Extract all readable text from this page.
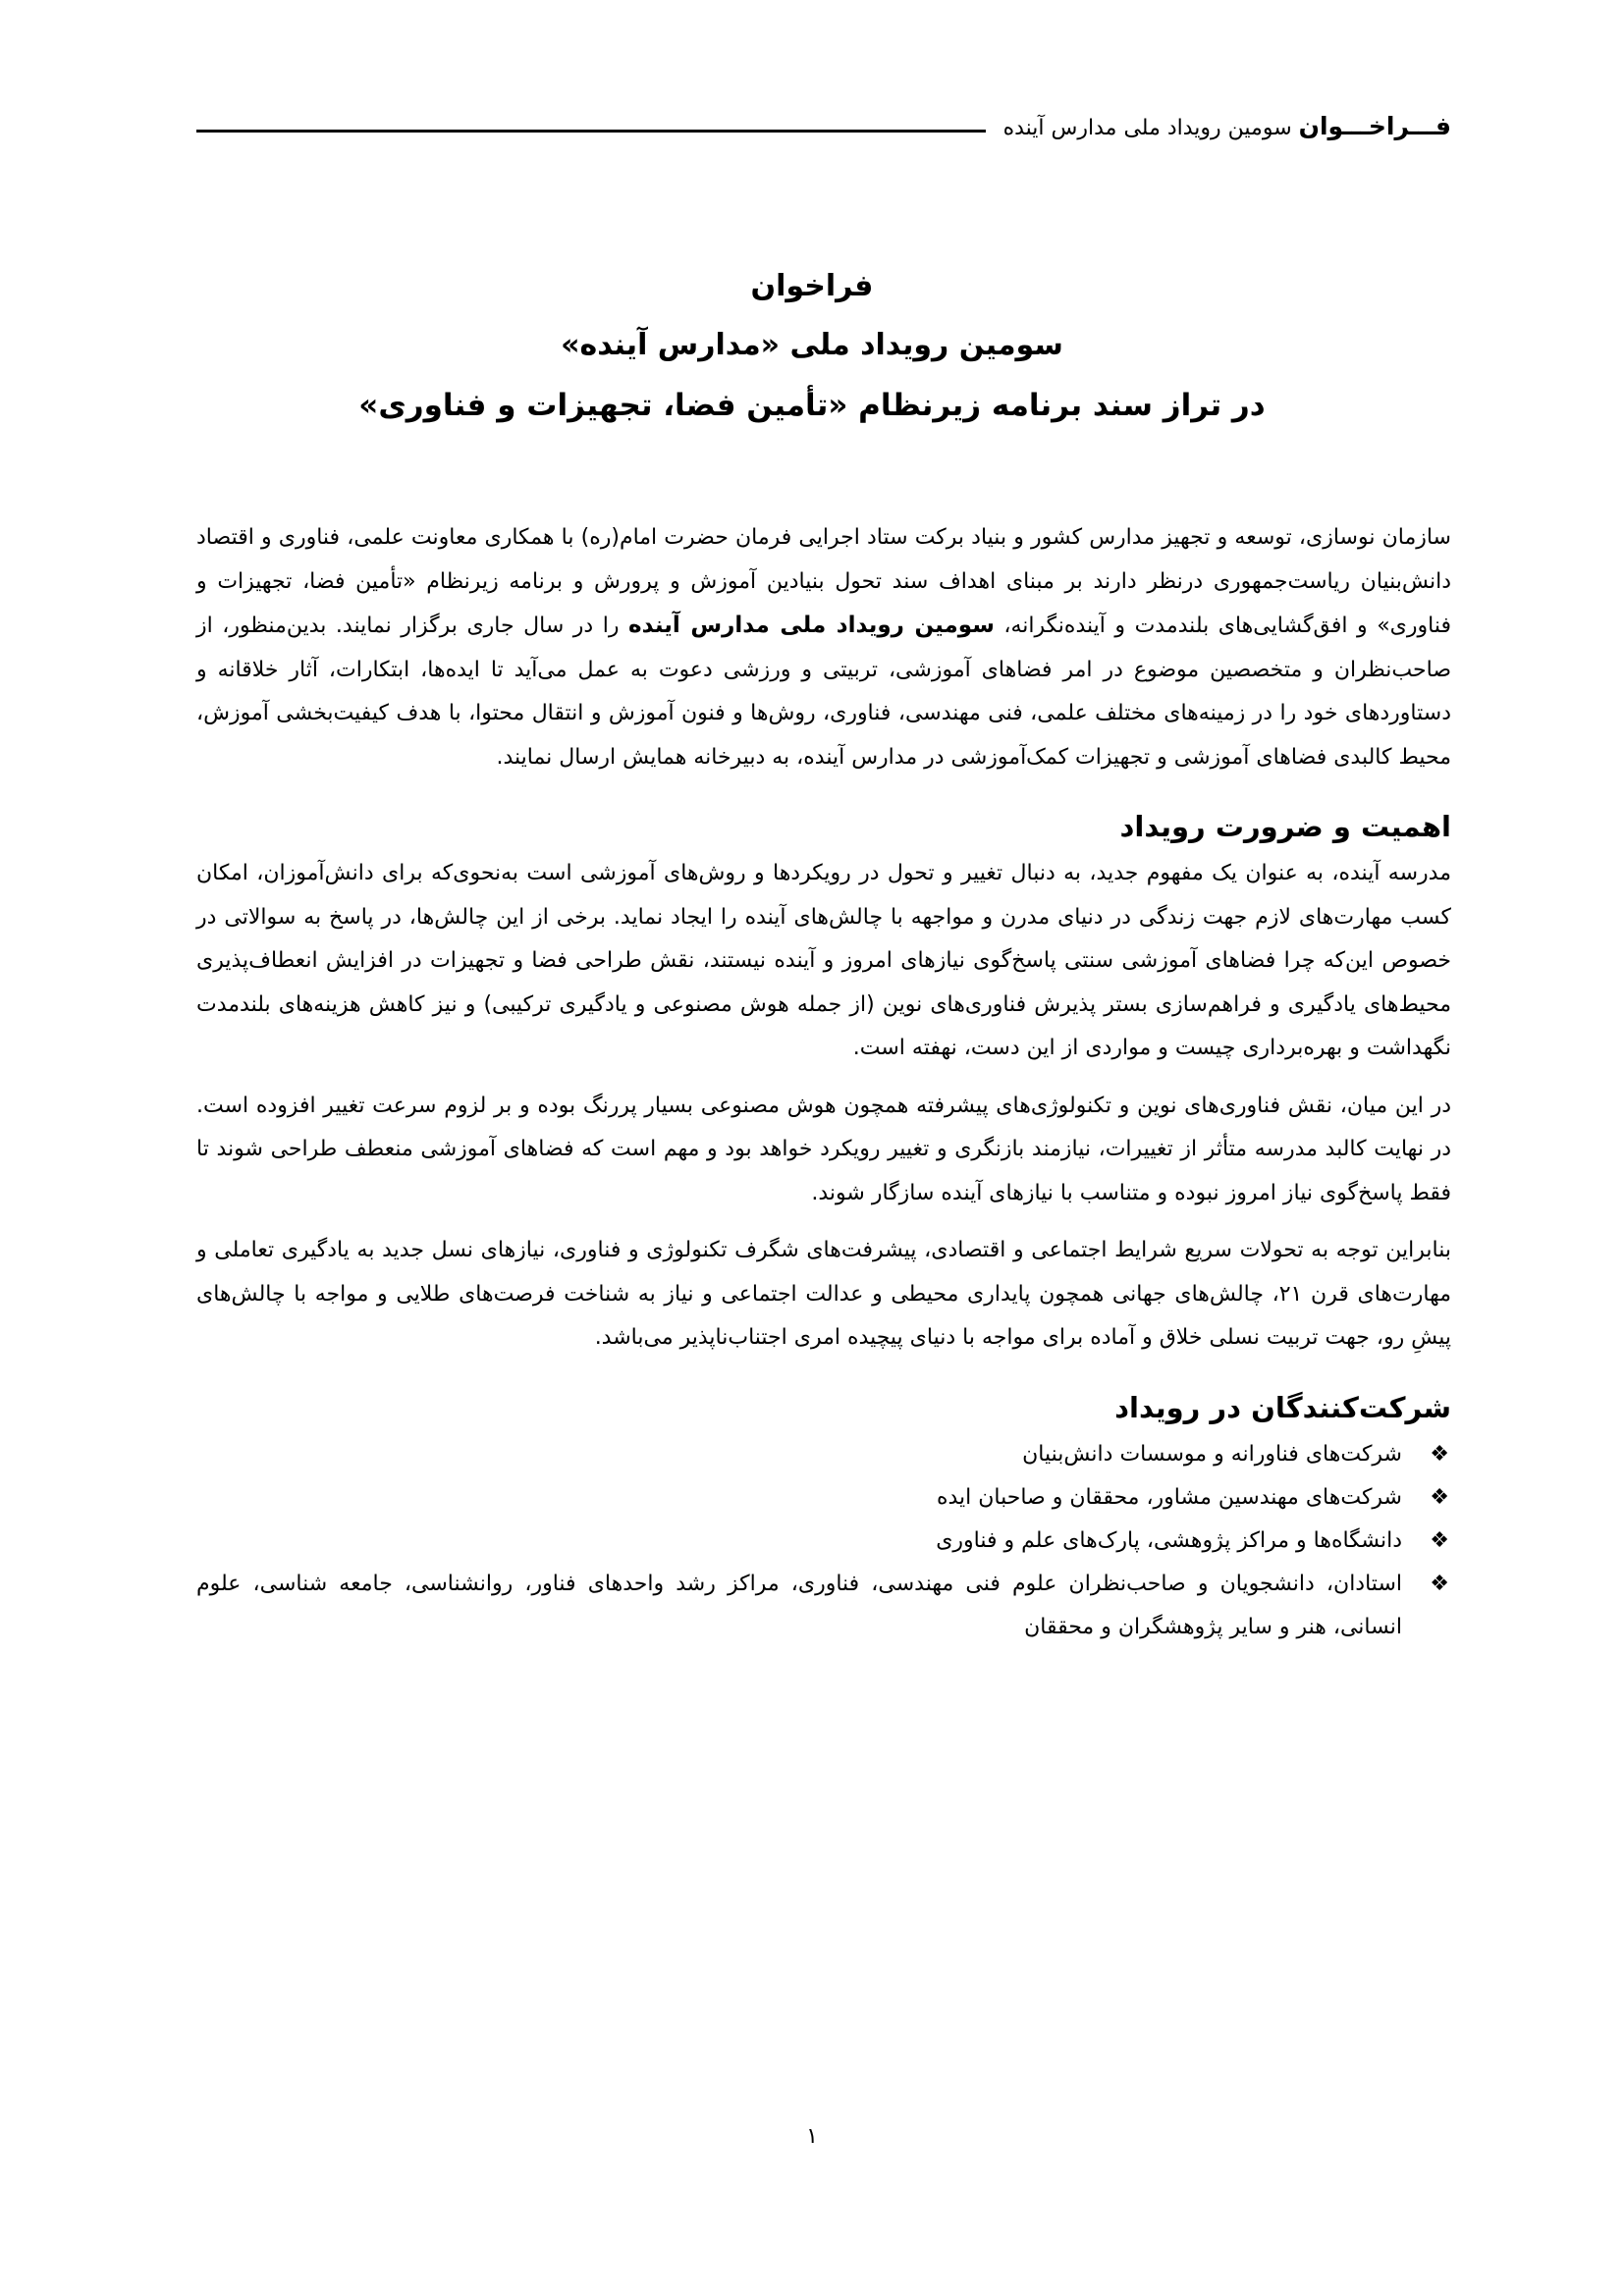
فـــراخـــوان سومین رویداد ملی مدارس آینده
فراخوان
سومین رویداد ملی «مدارس آینده»
در تراز سند برنامه زیرنظام «تأمین فضا، تجهیزات و فناوری»

سازمان نوسازی، توسعه و تجهیز مدارس کشور و بنیاد برکت ستاد اجرایی فرمان حضرت امام(ره) با همکاری معاونت علمی، فناوری و اقتصاد دانش‌بنیان ریاست‌جمهوری درنظر دارند بر مبنای اهداف سند تحول بنیادین آموزش و پرورش و برنامه زیرنظام «تأمین فضا، تجهیزات و فناوری» و افق‌گشایی‌های بلندمدت و آینده‌نگرانه، سومین رویداد ملی مدارس آینده را در سال جاری برگزار نمایند. بدین‌منظور، از صاحب‌نظران و متخصصین موضوع در امر فضاهای آموزشی، تربیتی و ورزشی دعوت به عمل می‌آید تا ایده‌ها، ابتکارات، آثار خلاقانه و دستاوردهای خود را در زمینه‌های مختلف علمی، فنی مهندسی، فناوری، روش‌ها و فنون آموزش و انتقال محتوا، با هدف کیفیت‌بخشی آموزش، محیط کالبدی فضاهای آموزشی و تجهیزات کمک‌آموزشی در مدارس آینده، به دبیرخانه همایش ارسال نمایند.

اهمیت و ضرورت رویداد

مدرسه آینده، به عنوان یک مفهوم جدید، به دنبال تغییر و تحول در رویکردها و روش‌های آموزشی است به‌نحوی‌که برای دانش‌آموزان، امکان کسب مهارت‌های لازم جهت زندگی در دنیای مدرن و مواجهه با چالش‌های آینده را ایجاد نماید. برخی از این چالش‌ها، در پاسخ به سوالاتی در خصوص این‌که چرا فضاهای آموزشی سنتی پاسخ‌گوی نیازهای امروز و آینده نیستند، نقش طراحی فضا و تجهیزات در افزایش انعطاف‌پذیری محیط‌های یادگیری و فراهم‌سازی بستر پذیرش فناوری‌های نوین (از جمله هوش مصنوعی و یادگیری ترکیبی) و نیز کاهش هزینه‌های بلندمدت نگهداشت و بهره‌برداری چیست و مواردی از این دست، نهفته است.

در این میان، نقش فناوری‌های نوین و تکنولوژی‌های پیشرفته همچون هوش مصنوعی بسیار پررنگ بوده و بر لزوم سرعت تغییر افزوده است. در نهایت کالبد مدرسه متأثر از تغییرات، نیازمند بازنگری و تغییر رویکرد خواهد بود و مهم است که فضاهای آموزشی منعطف طراحی شوند تا فقط پاسخ‌گوی نیاز امروز نبوده و متناسب با نیازهای آینده سازگار شوند.

بنابراین توجه به تحولات سریع شرایط اجتماعی و اقتصادی، پیشرفت‌های شگرف تکنولوژی و فناوری، نیازهای نسل جدید به یادگیری تعاملی و مهارت‌های قرن ۲۱، چالش‌های جهانی همچون پایداری محیطی و عدالت اجتماعی و نیاز به شناخت فرصت‌های طلایی و مواجه با چالش‌های پیشِ رو، جهت تربیت نسلی خلاق و آماده برای مواجه با دنیای پیچیده امری اجتناب‌ناپذیر می‌باشد.

شرکت‌کنندگان در رویداد
❖
شرکت‌های فناورانه و موسسات دانش‌بنیان
❖
شرکت‌های مهندسین مشاور، محققان و صاحبان ایده
❖
دانشگاه‌ها و مراکز پژوهشی، پارک‌های علم و فناوری
❖
استادان، دانشجویان و صاحب‌نظران علوم فنی مهندسی، فناوری، مراکز رشد واحدهای فناور، روانشناسی، جامعه شناسی، علوم انسانی، هنر و سایر پژوهشگران و محققان
۱
